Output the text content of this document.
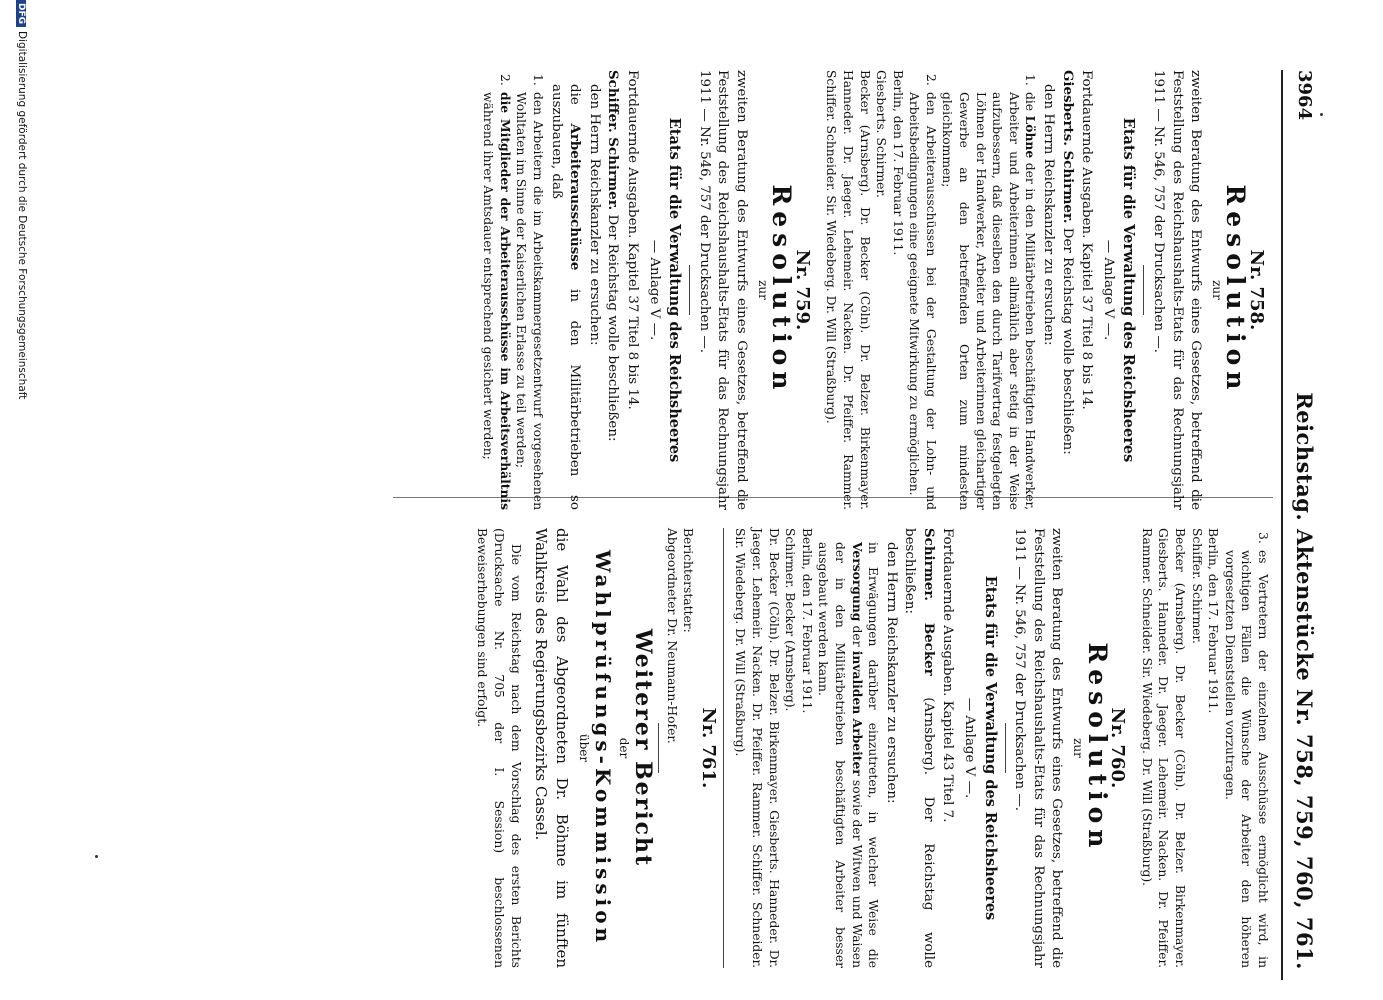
3964
Reichstag. Aktenstücke Nr. 758, 759, 760, 761.
Nr. 758.
Resolution
zur

zweiten Beratung des Entwurfs eines Gesetzes, betreffend die Feststellung des Reichshaushalts-Etats für das Rechnungsjahr 1911 — Nr. 546, 757 der Drucksachen —.

Etats für die Verwaltung des Reichsheeres
— Anlage V —.

Fortdauernde Ausgaben. Kapitel 37 Titel 8 bis 14.

Giesberts. Schirmer. Der Reichstag wolle beschließen:

den Herrn Reichskanzler zu ersuchen:

1.
die Löhne der in den Militärbetrieben beschäftigten Handwerker, Arbeiter und Arbeiterinnen allmählich aber stetig in der Weise aufzubessern, daß dieselben den durch Tarifvertrag festgelegten Löhnen der Handwerker, Arbeiter und Arbeiterinnen gleichartiger Gewerbe an den betreffenden Orten zum mindesten gleichkommen;
2.
den Arbeiterausschüssen bei der Gestaltung der Lohn- und Arbeitsbedingungen eine geeignete Mitwirkung zu ermöglichen.

Berlin, den 17. Februar 1911.

Giesberts. Schirmer.

Becker (Arnsberg). Dr. Becker (Cöln). Dr. Belzer. Birkenmayer. Hanneder. Dr. Jaeger. Lehemeir. Nacken. Dr. Pfeiffer. Rammer. Schiffer. Schneider. Sir. Wiedeberg. Dr. Will (Straßburg).

Nr. 759.
Resolution
zur

zweiten Beratung des Entwurfs eines Gesetzes, betreffend die Feststellung des Reichshaushalts-Etats für das Rechnungsjahr 1911 — Nr. 546, 757 der Drucksachen —.

Etats für die Verwaltung des Reichsheeres
— Anlage V —.

Fortdauernde Ausgaben. Kapitel 37 Titel 8 bis 14.

Schiffer. Schirmer. Der Reichstag wolle beschließen:

den Herrn Reichskanzler zu ersuchen:

die Arbeiterausschüsse in den Militärbetrieben so auszubauen, daß

1.
den Arbeitern die im Arbeitskammergesetzentwurf vorgesehenen Wohltaten im Sinne der Kaiserlichen Erlasse zu teil werden;
2.
die Mitglieder der Arbeiterausschüsse im Arbeitsverhältnis während ihrer Amtsdauer entsprechend gesichert werden;
3.
es Vertretern der einzelnen Ausschüsse ermöglicht wird, in wichtigen Fällen die Wünsche der Arbeiter den höheren vorgesetzten Dienststellen vorzutragen.

Berlin, den 17. Februar 1911.

Schiffer. Schirmer.

Becker (Arnsberg). Dr. Becker (Cöln). Dr. Belzer. Birkenmayer. Giesberts. Hanneder. Dr. Jaeger. Lehemeir. Nacken. Dr. Pfeiffer. Rammer. Schneider. Sir. Wiedeberg. Dr. Will (Straßburg).

Nr. 760.
Resolution
zur

zweiten Beratung des Entwurfs eines Gesetzes, betreffend die Feststellung des Reichshaushalts-Etats für das Rechnungsjahr 1911 — Nr. 546, 757 der Drucksachen —.

Etats für die Verwaltung des Reichsheeres
— Anlage V —.

Fortdauernde Ausgaben. Kapitel 43 Titel 7.

Schirmer. Becker (Arnsberg). Der Reichstag wolle beschließen:

den Herrn Reichskanzler zu ersuchen:

in Erwägungen darüber einzutreten, in welcher Weise die Versorgung der invaliden Arbeiter sowie der Witwen und Waisen der in den Militärbetrieben beschäftigten Arbeiter besser ausgebaut werden kann.

Berlin, den 17. Februar 1911.

Schirmer. Becker (Arnsberg).

Dr. Becker (Cöln). Dr. Belzer. Birkenmayer. Giesberts. Hanneder. Dr. Jaeger. Lehemeir. Nacken. Dr. Pfeiffer. Rammer. Schiffer. Schneider. Sir. Wiedeberg. Dr. Will (Straßburg).

Nr. 761.

Berichterstatter:

Abgeordneter Dr. Neumann-Hofer.

Weiterer Bericht
der
Wahlprüfungs-Kommission
über

die Wahl des Abgeordneten Dr. Böhme im fünften Wahlkreis des Regierungsbezirks Cassel.

Die vom Reichstag nach dem Vorschlag des ersten Berichts (Drucksache Nr. 705 der I. Session) beschlossenen Beweiserhebungen sind erfolgt.

DFGDigitalisierung gefördert durch die Deutsche Forschungsgemeinschaft
